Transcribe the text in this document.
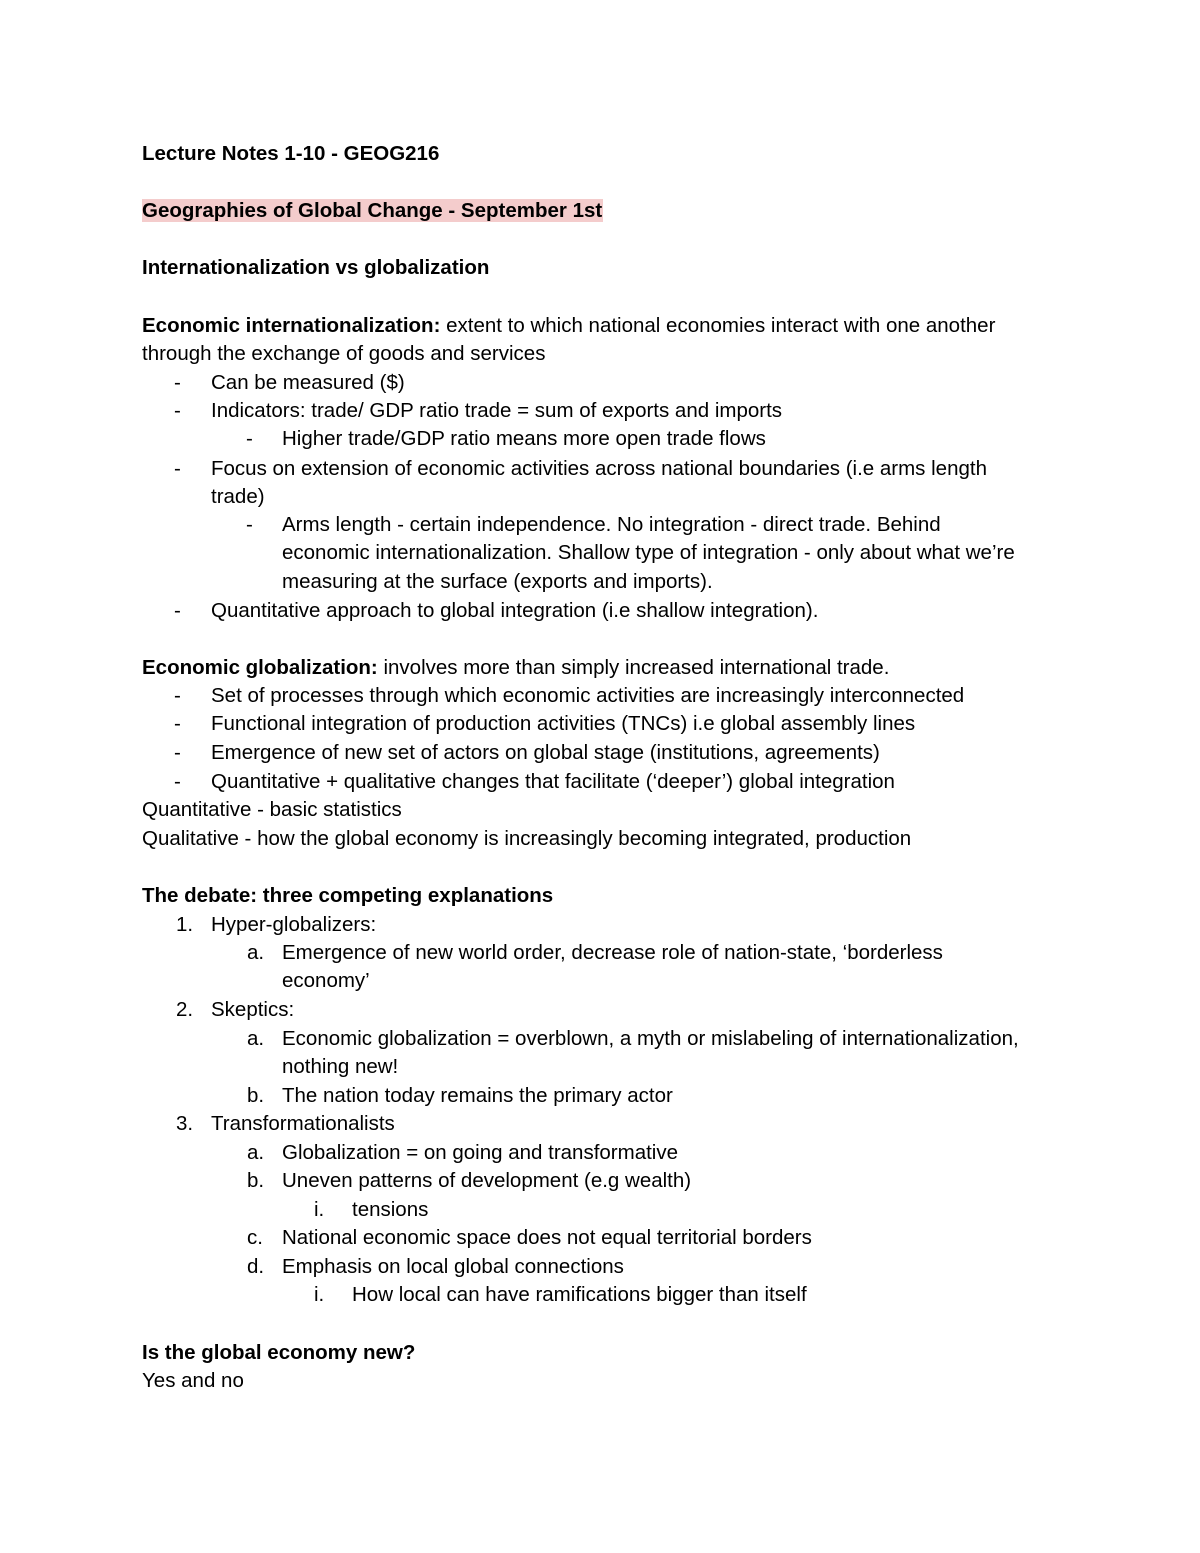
Lecture Notes 1-10 - GEOG216
Geographies of Global Change - September 1st
Internationalization vs globalization
Economic internationalization: extent to which national economies interact with one another
through the exchange of goods and services
- Can be measured ($)
- Indicators: trade/ GDP ratio trade = sum of exports and imports
- Higher trade/GDP ratio means more open trade flows
- Focus on extension of economic activities across national boundaries (i.e arms length
trade)
- Arms length - certain independence. No integration - direct trade. Behind
economic internationalization. Shallow type of integration - only about what we’re
measuring at the surface (exports and imports).
- Quantitative approach to global integration (i.e shallow integration).
Economic globalization: involves more than simply increased international trade.
- Set of processes through which economic activities are increasingly interconnected
- Functional integration of production activities (TNCs) i.e global assembly lines
- Emergence of new set of actors on global stage (institutions, agreements)
- Quantitative + qualitative changes that facilitate (‘deeper’) global integration
Quantitative - basic statistics
Qualitative - how the global economy is increasingly becoming integrated, production
The debate: three competing explanations
1. Hyper-globalizers:
a. Emergence of new world order, decrease role of nation-state, ‘borderless
economy’
2. Skeptics:
a. Economic globalization = overblown, a myth or mislabeling of internationalization,
nothing new!
b. The nation today remains the primary actor
3. Transformationalists
a. Globalization = on going and transformative
b. Uneven patterns of development (e.g wealth)
i. tensions
c. National economic space does not equal territorial borders
d. Emphasis on local global connections
i. How local can have ramifications bigger than itself
Is the global economy new?
Yes and no
